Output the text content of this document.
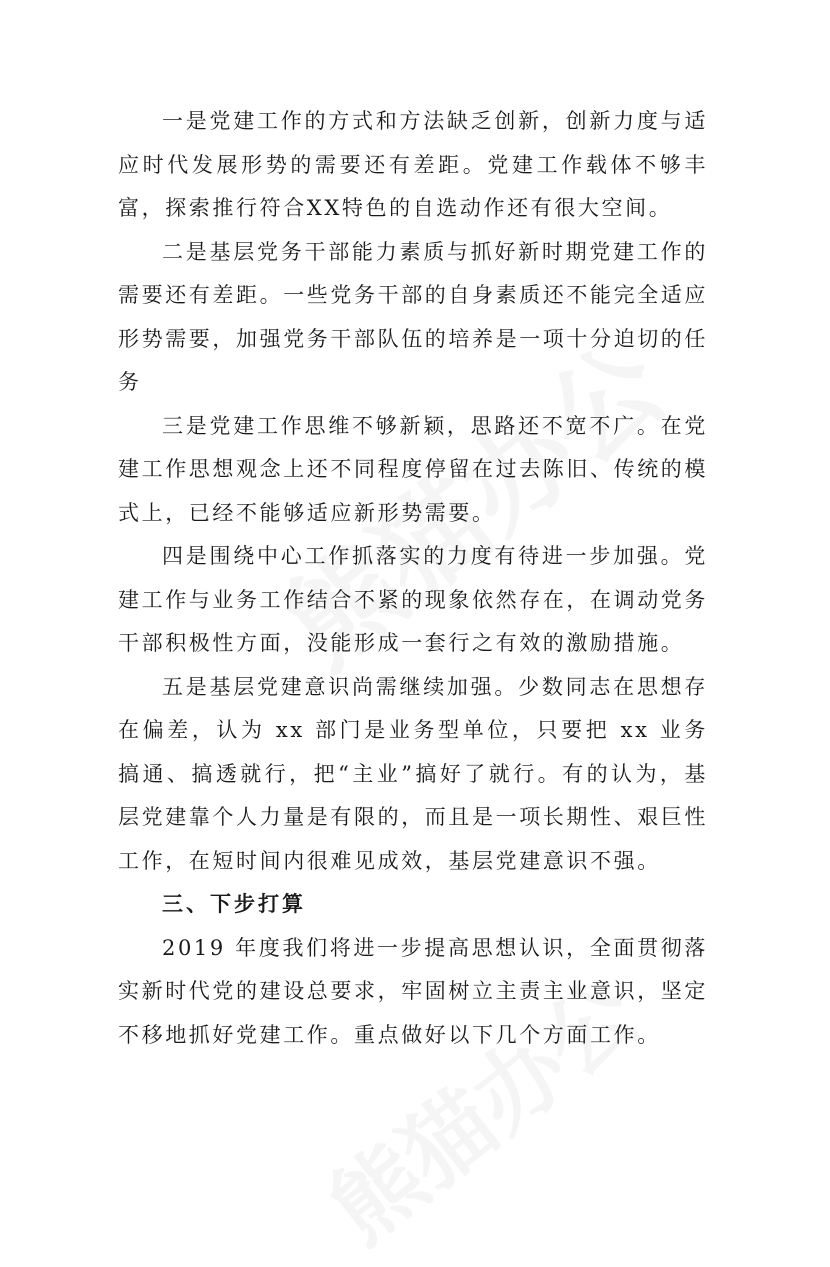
一是党建工作的方式和方法缺乏创新，创新力度与适应时代发展形势的需要还有差距。党建工作载体不够丰富，探索推行符合XX特色的自选动作还有很大空间。

二是基层党务干部能力素质与抓好新时期党建工作的需要还有差距。一些党务干部的自身素质还不能完全适应形势需要，加强党务干部队伍的培养是一项十分迫切的任务

三是党建工作思维不够新颖，思路还不宽不广。在党建工作思想观念上还不同程度停留在过去陈旧、传统的模式上，已经不能够适应新形势需要。

四是围绕中心工作抓落实的力度有待进一步加强。党建工作与业务工作结合不紧的现象依然存在，在调动党务干部积极性方面，没能形成一套行之有效的激励措施。

五是基层党建意识尚需继续加强。少数同志在思想存在偏差，认为 xx 部门是业务型单位，只要把 xx 业务搞通、搞透就行，把“主业”搞好了就行。有的认为，基层党建靠个人力量是有限的，而且是一项长期性、艰巨性工作，在短时间内很难见成效，基层党建意识不强。

三、下步打算

2019 年度我们将进一步提高思想认识，全面贯彻落实新时代党的建设总要求，牢固树立主责主业意识，坚定不移地抓好党建工作。重点做好以下几个方面工作。
